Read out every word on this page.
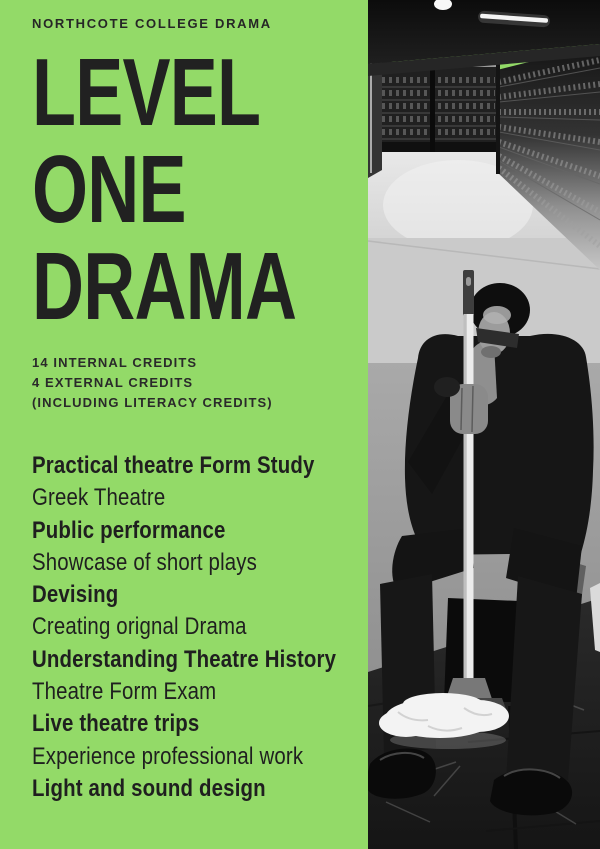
NORTHCOTE COLLEGE DRAMA
LEVEL
ONE
DRAMA
14 INTERNAL CREDITS
4 EXTERNAL CREDITS
(INCLUDING LITERACY CREDITS)
Practical theatre Form Study
Greek Theatre
Public performance
Showcase of short plays
Devising
Creating orignal Drama
Understanding Theatre History
Theatre Form Exam
Live theatre trips
Experience professional work
Light and sound design
